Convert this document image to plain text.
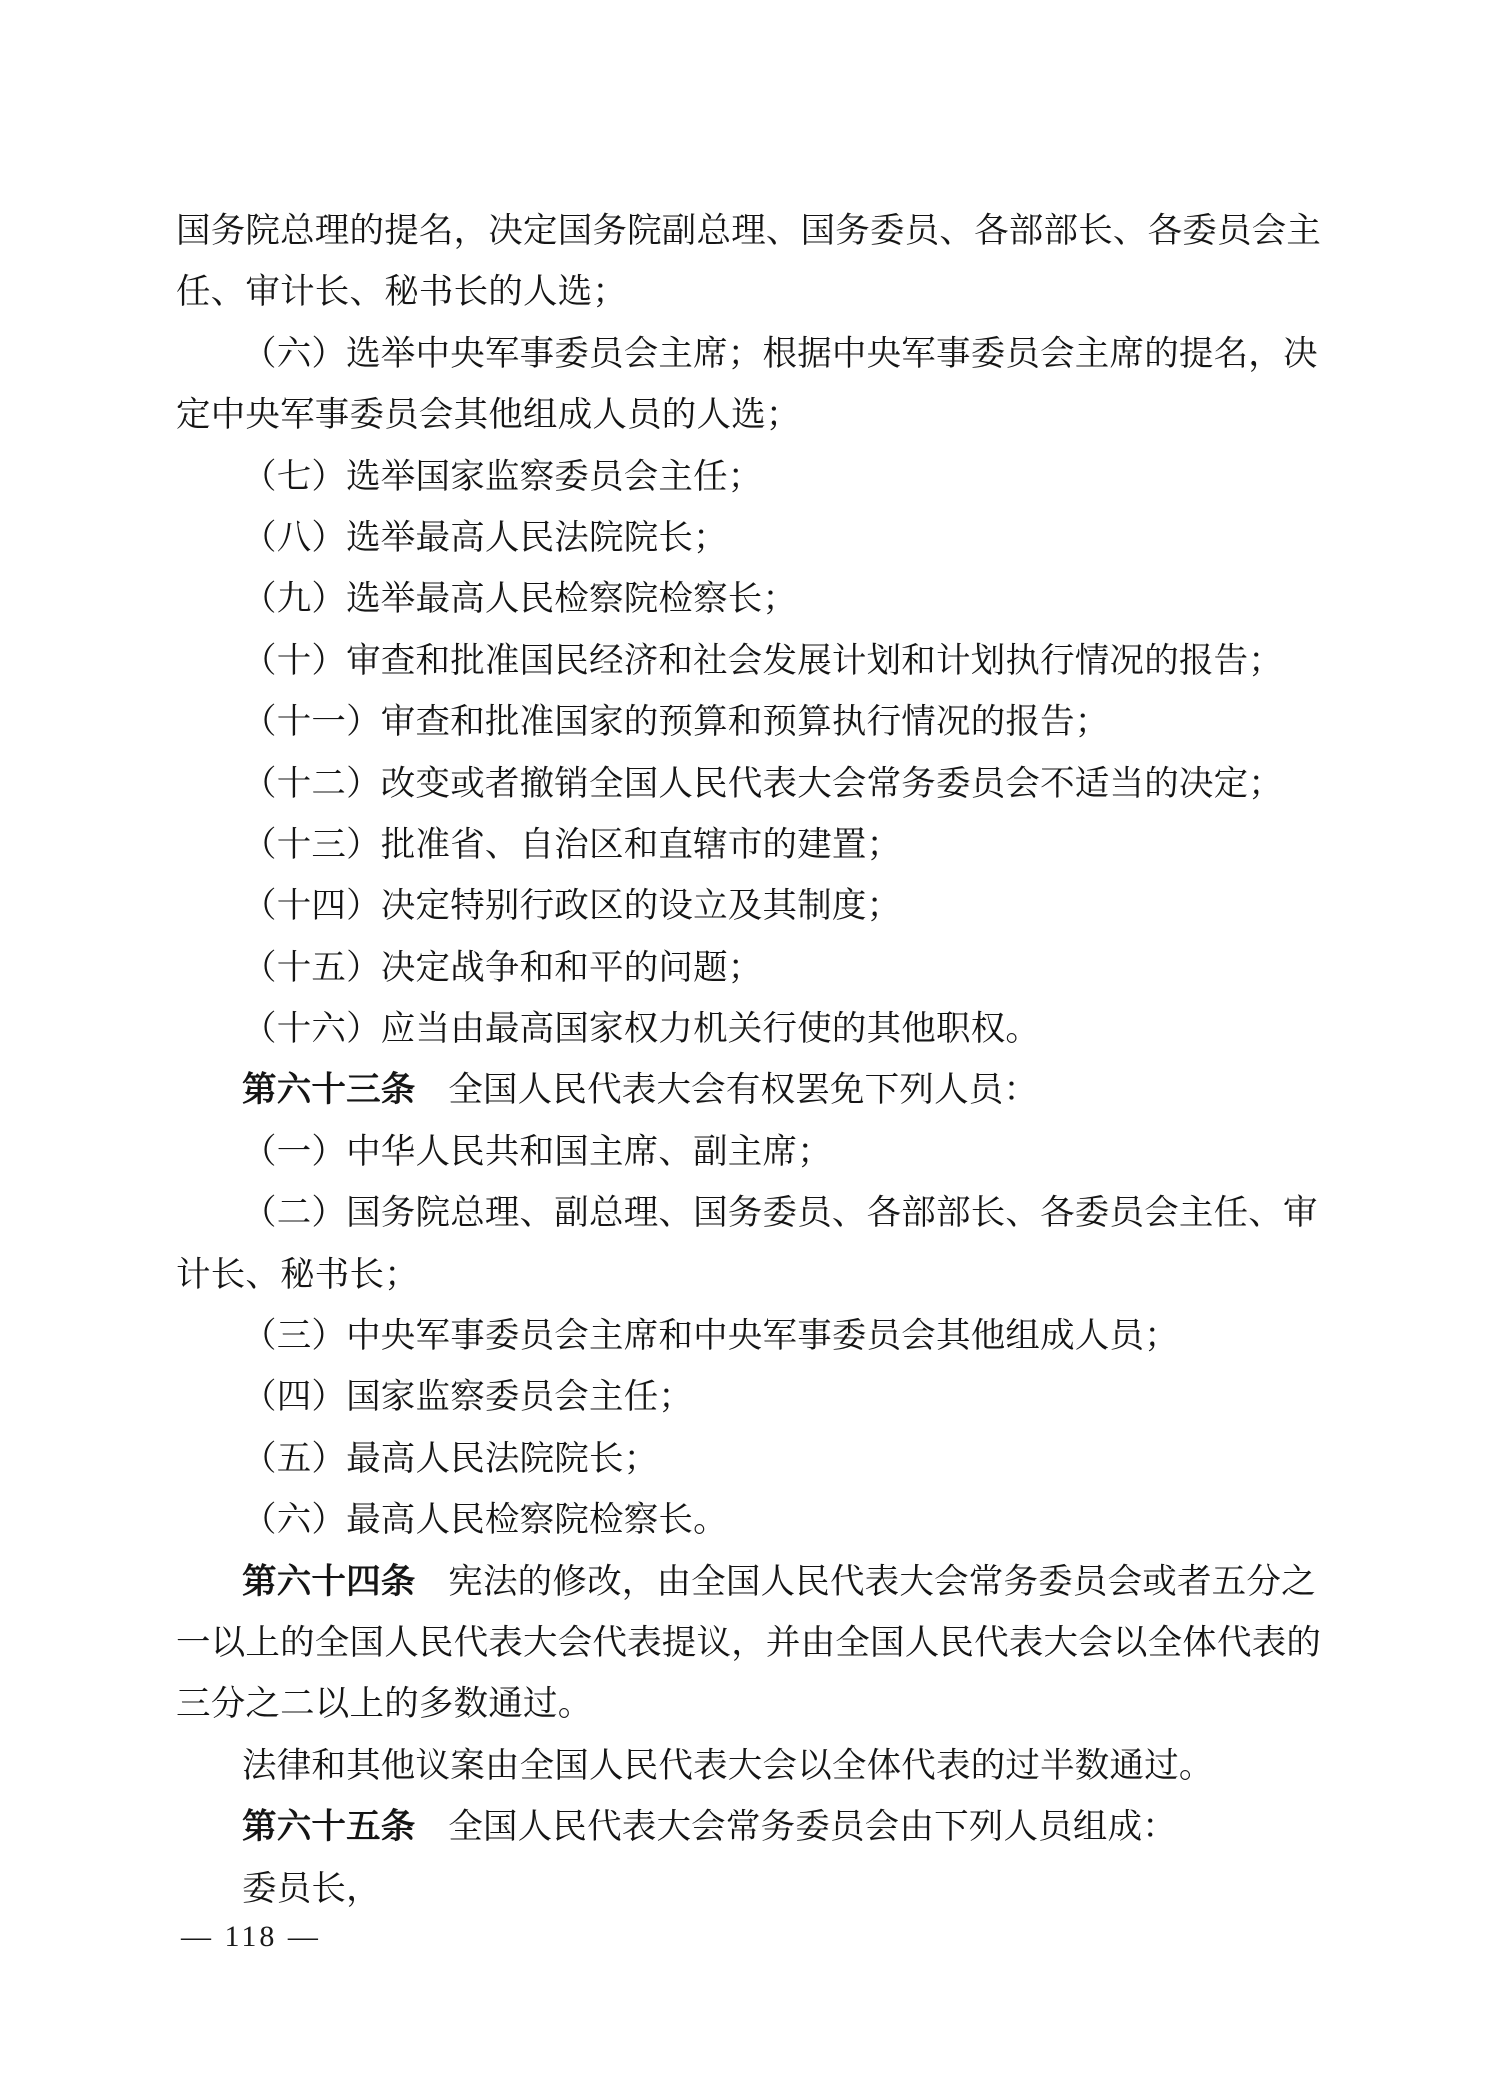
国务院总理的提名，决定国务院副总理、国务委员、各部部长、各委员会主
任、审计长、秘书长的人选；
（六）选举中央军事委员会主席；根据中央军事委员会主席的提名，决
定中央军事委员会其他组成人员的人选；
（七）选举国家监察委员会主任；
（八）选举最高人民法院院长；
（九）选举最高人民检察院检察长；
（十）审查和批准国民经济和社会发展计划和计划执行情况的报告；
（十一）审查和批准国家的预算和预算执行情况的报告；
（十二）改变或者撤销全国人民代表大会常务委员会不适当的决定；
（十三）批准省、自治区和直辖市的建置；
（十四）决定特别行政区的设立及其制度；
（十五）决定战争和和平的问题；
（十六）应当由最高国家权力机关行使的其他职权。
第六十三条 全国人民代表大会有权罢免下列人员：
（一）中华人民共和国主席、副主席；
（二）国务院总理、副总理、国务委员、各部部长、各委员会主任、审
计长、秘书长；
（三）中央军事委员会主席和中央军事委员会其他组成人员；
（四）国家监察委员会主任；
（五）最高人民法院院长；
（六）最高人民检察院检察长。
第六十四条 宪法的修改，由全国人民代表大会常务委员会或者五分之
一以上的全国人民代表大会代表提议，并由全国人民代表大会以全体代表的
三分之二以上的多数通过。
法律和其他议案由全国人民代表大会以全体代表的过半数通过。
第六十五条 全国人民代表大会常务委员会由下列人员组成：
委员长，
— 118 —
